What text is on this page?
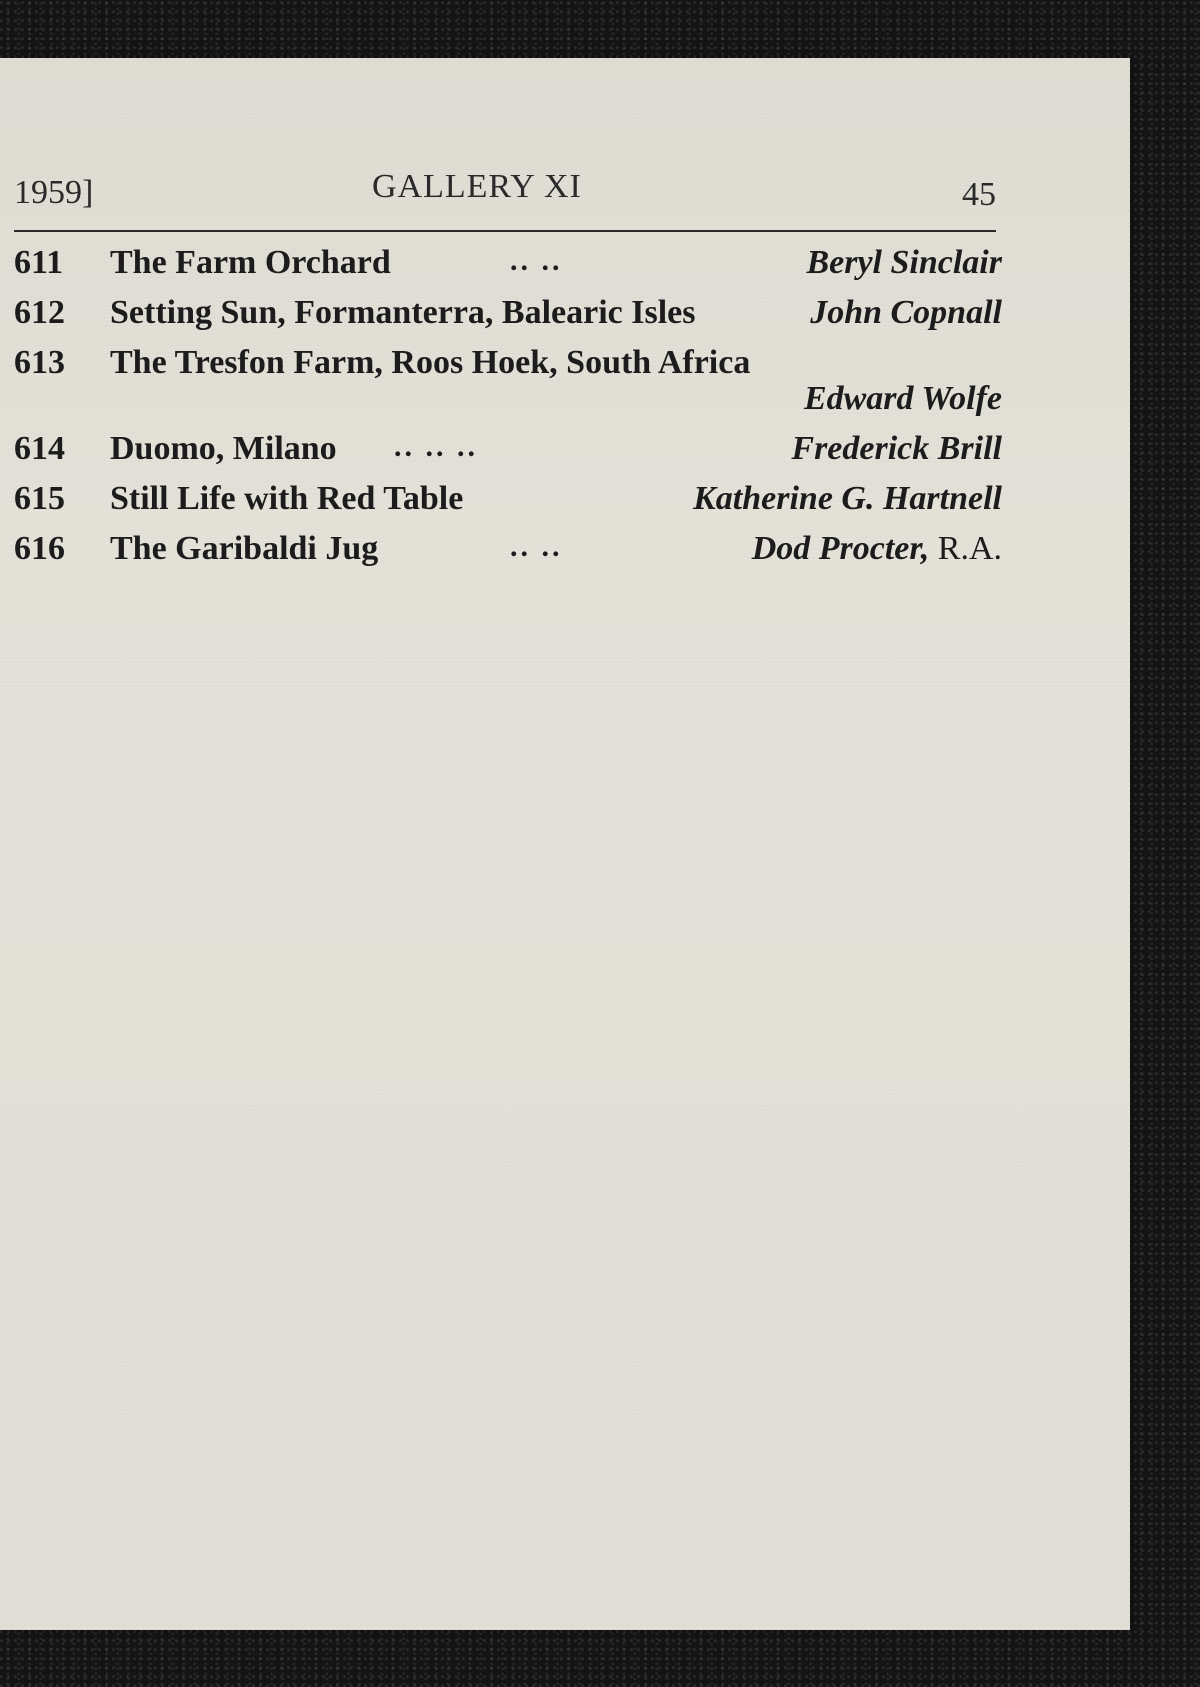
1959]	GALLERY XI	45
611 The Farm Orchard	.. ..	Beryl Sinclair
612 Setting Sun, Formanterra, Balearic Isles	John Copnall
613 The Tresfon Farm, Roos Hoek, South Africa
Edward Wolfe
614 Duomo, Milano .. .. ..	Frederick Brill
615 Still Life with Red Table	Katherine G. Hartnell
616 The Garibaldi Jug	.. ..	Dod Procter, R.A.
